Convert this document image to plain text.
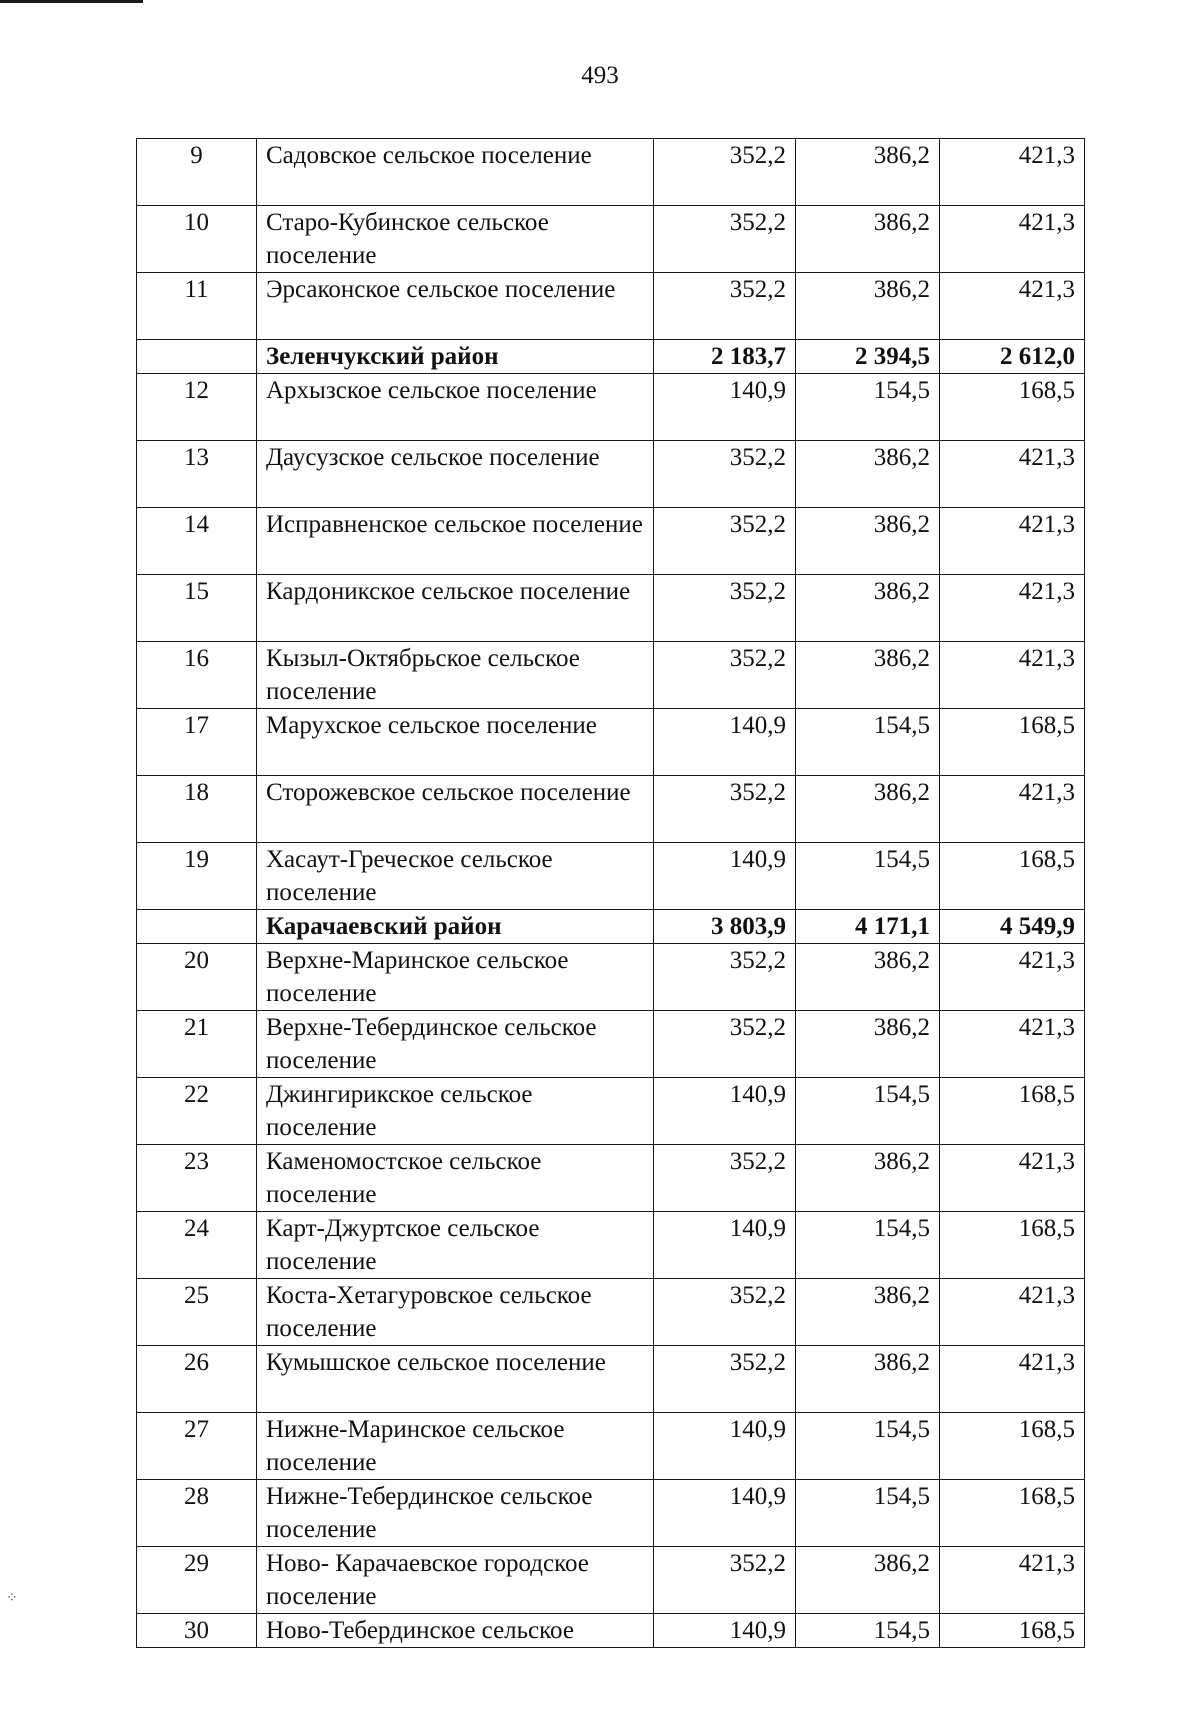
493
9	Садовское сельское поселение	352,2	386,2	421,3
10	Старо-Кубинское сельское поселение	352,2	386,2	421,3
11	Эрсаконское сельское поселение	352,2	386,2	421,3
	Зеленчукский район	2 183,7	2 394,5	2 612,0
12	Архызское сельское поселение	140,9	154,5	168,5
13	Даусузское сельское поселение	352,2	386,2	421,3
14	Исправненское сельское поселение	352,2	386,2	421,3
15	Кардоникское сельское поселение	352,2	386,2	421,3
16	Кызыл-Октябрьское сельское поселение	352,2	386,2	421,3
17	Марухское сельское поселение	140,9	154,5	168,5
18	Сторожевское сельское поселение	352,2	386,2	421,3
19	Хасаут-Греческое сельское поселение	140,9	154,5	168,5
	Карачаевский район	3 803,9	4 171,1	4 549,9
20	Верхне-Маринское сельское поселение	352,2	386,2	421,3
21	Верхне-Тебердинское сельское поселение	352,2	386,2	421,3
22	Джингирикское сельское поселение	140,9	154,5	168,5
23	Каменомостское сельское поселение	352,2	386,2	421,3
24	Карт-Джуртское сельское поселение	140,9	154,5	168,5
25	Коста-Хетагуровское сельское поселение	352,2	386,2	421,3
26	Кумышское сельское поселение	352,2	386,2	421,3
27	Нижне-Маринское сельское поселение	140,9	154,5	168,5
28	Нижне-Тебердинское сельское поселение	140,9	154,5	168,5
29	Ново- Карачаевское городское поселение	352,2	386,2	421,3
30	Ново-Тебердинское сельское	140,9	154,5	168,5
⁘
